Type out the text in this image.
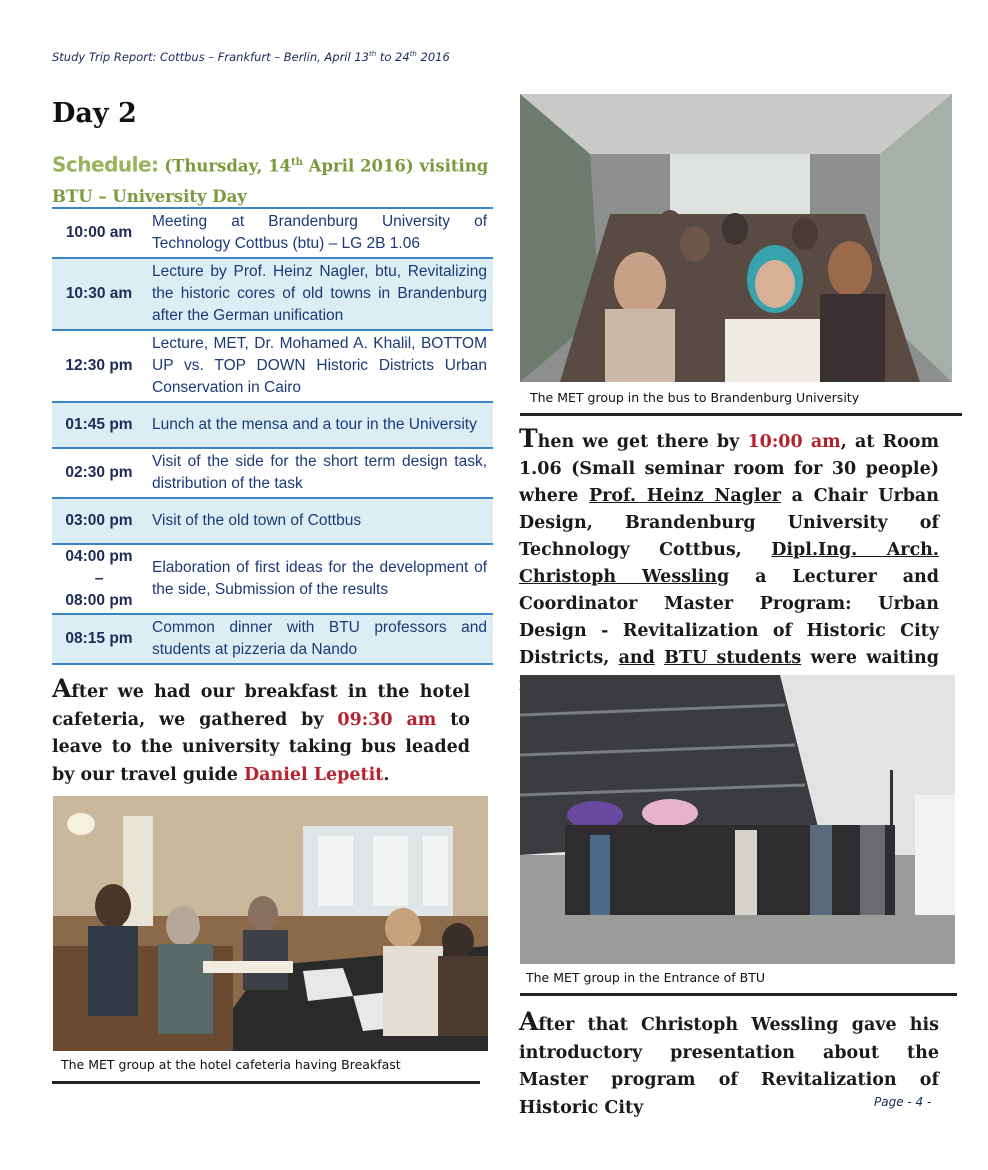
Study Trip Report: Cottbus – Frankfurt – Berlin, April 13th to 24th 2016
Day 2
Schedule: (Thursday, 14th April 2016) visiting BTU – University Day
10:00 am	Meeting at Brandenburg University of Technology Cottbus (btu) – LG 2B 1.06
10:30 am	Lecture by Prof. Heinz Nagler, btu, Revitalizing the historic cores of old towns in Brandenburg after the German unification
12:30 pm	Lecture, MET, Dr. Mohamed A. Khalil, BOTTOM UP vs. TOP DOWN Historic Districts Urban Conservation in Cairo
01:45 pm	Lunch at the mensa and a tour in the University
02:30 pm	Visit of the side for the short term design task, distribution of the task
03:00 pm	Visit of the old town of Cottbus

04:00 pm
–
08:00 pm	Elaboration of first ideas for the development of the side, Submission of the results
08:15 pm	Common dinner with BTU professors and students at pizzeria da Nando

After we had our breakfast in the hotel cafeteria, we gathered by 09:30 am to leave to the university taking bus leaded by our travel guide Daniel Lepetit.

The MET group at the hotel cafeteria having Breakfast
The MET group in the bus to Brandenburg University

Then we get there by 10:00 am, at Room 1.06 (Small seminar room for 30 people) where Prof. Heinz Nagler a Chair Urban Design, Brandenburg University of Technology Cottbus, Dipl.Ing. Arch. Christoph Wessling a Lecturer and Coordinator Master Program: Urban Design - Revitalization of Historic City Districts, and BTU students were waiting

The MET group in the Entrance of BTU

After that Christoph Wessling gave his introductory presentation about the Master program of Revitalization of Historic City	Page - 4 -
